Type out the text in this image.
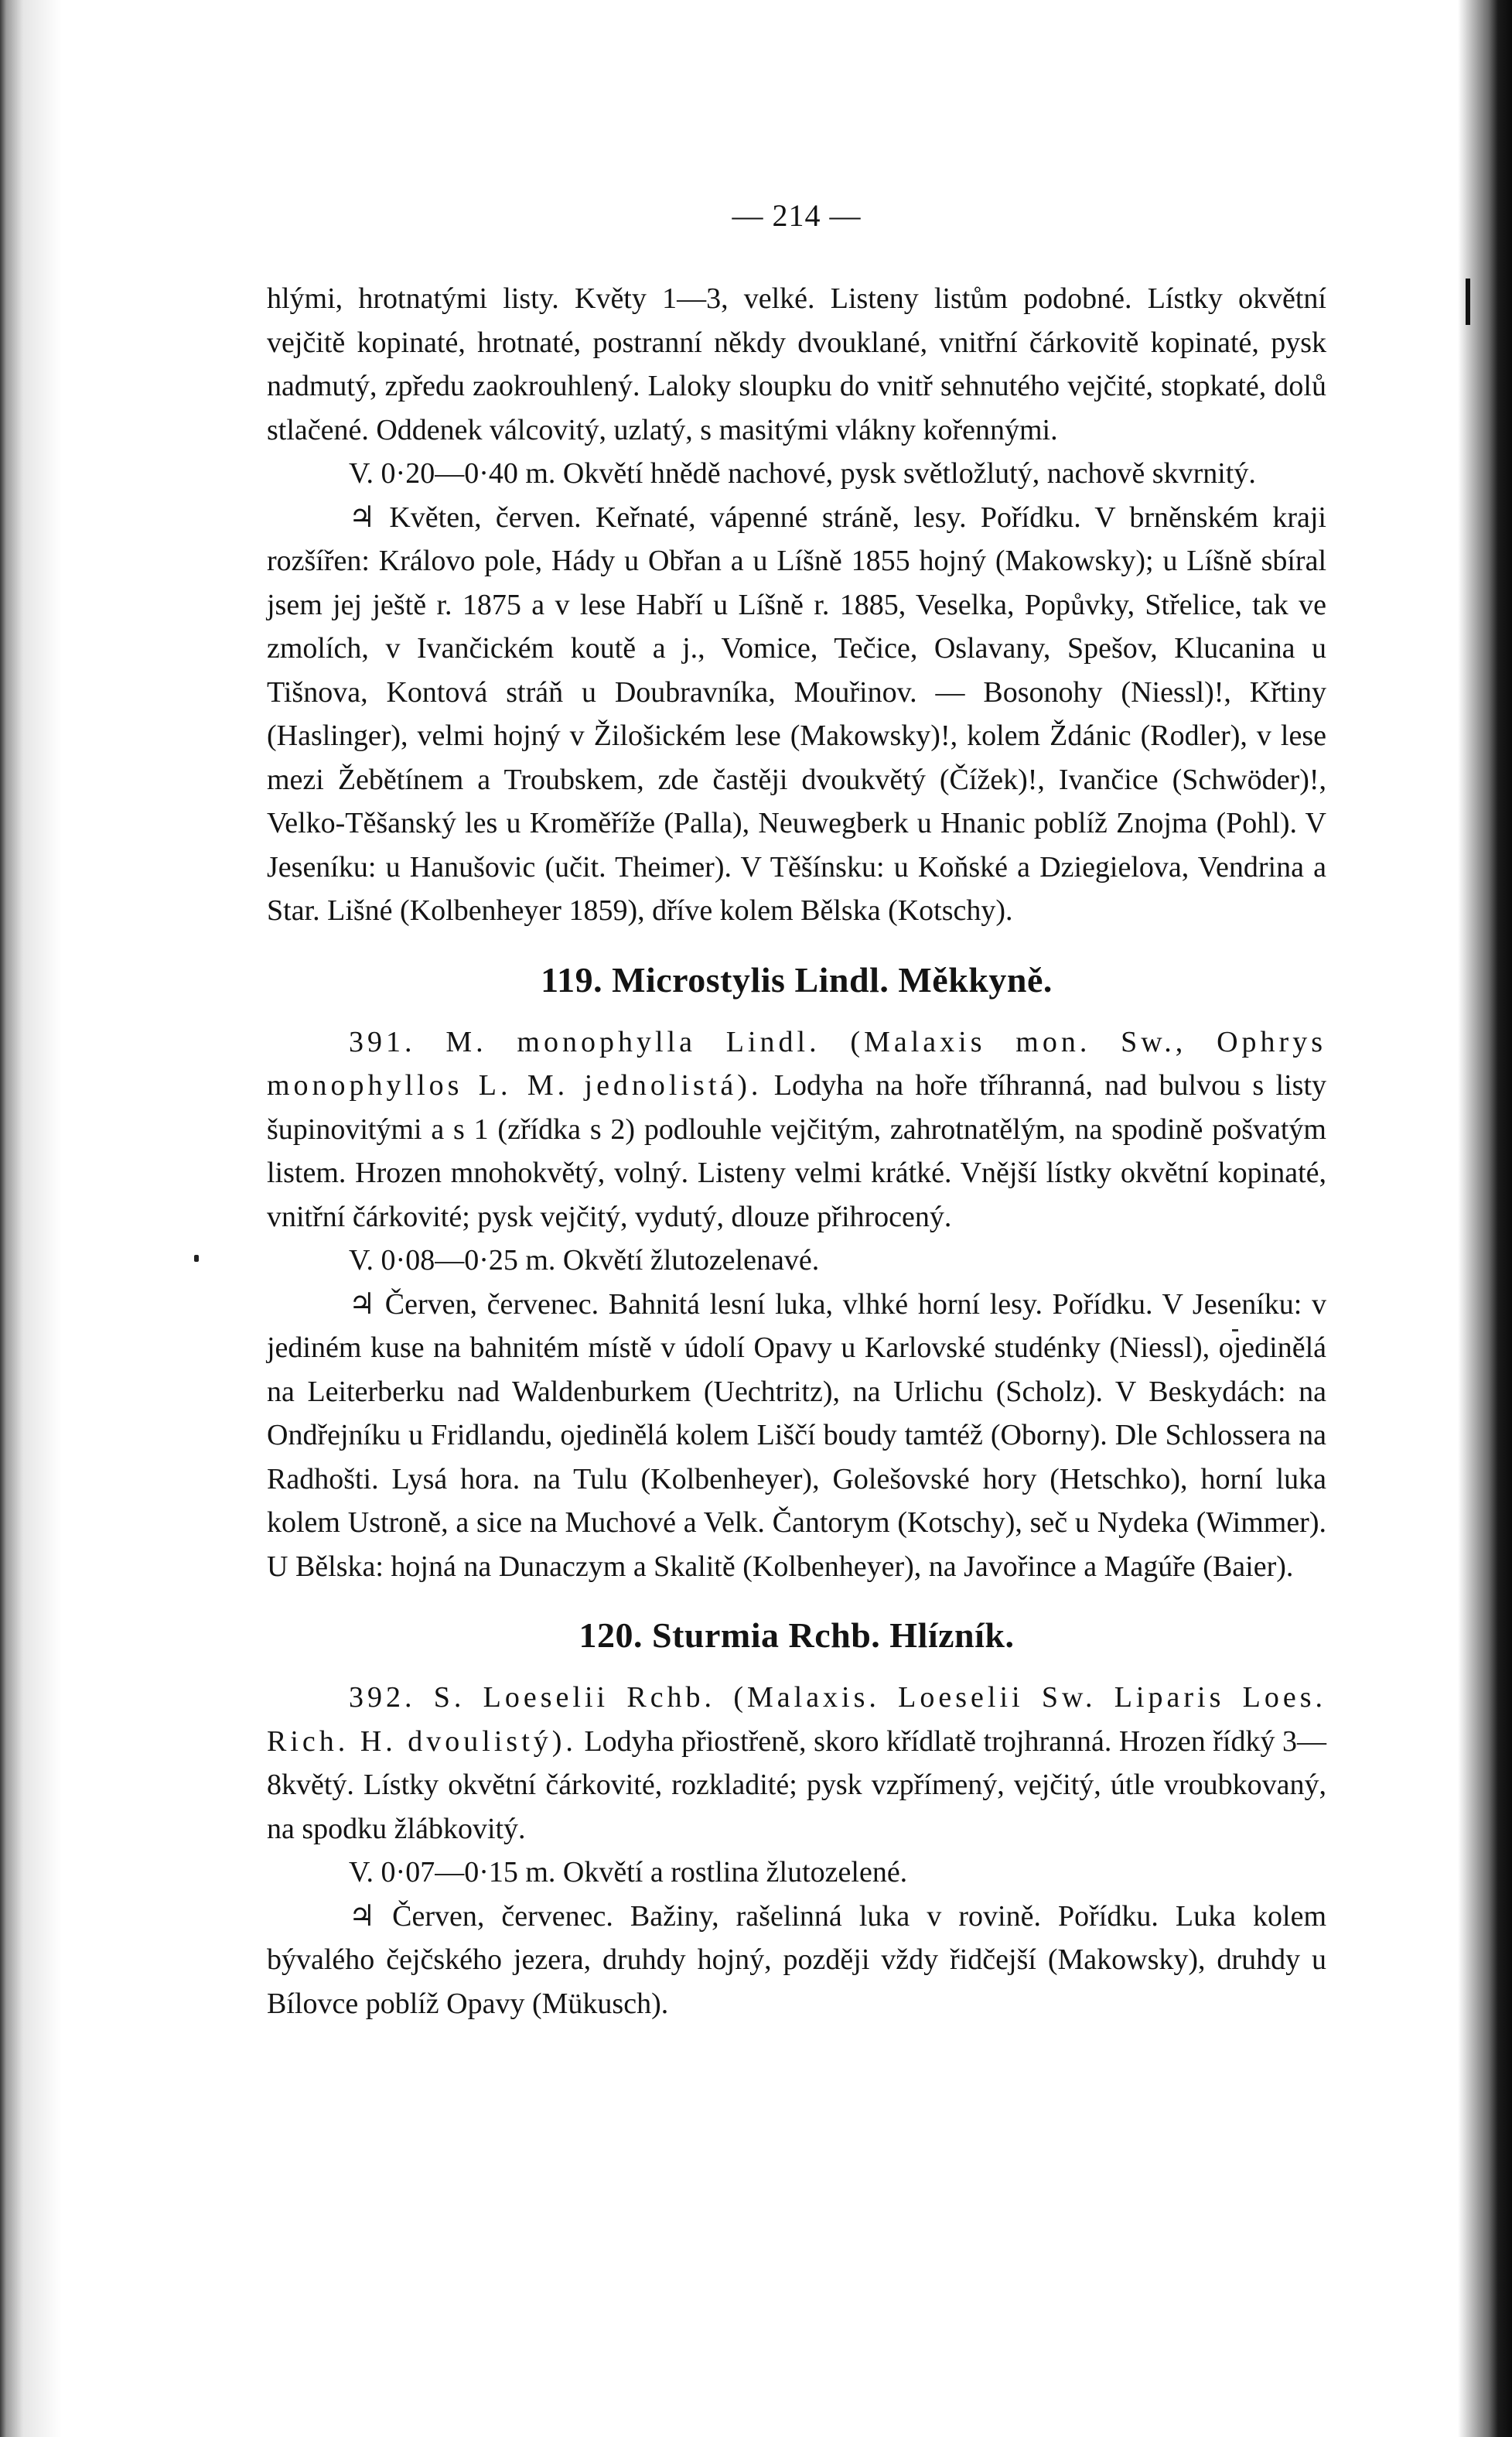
— 214 —

hlými, hrotnatými listy. Květy 1—3, velké. Listeny listům podobné. Lístky okvětní vejčitě kopinaté, hrotnaté, postranní někdy dvouklané, vnitřní čárkovitě kopinaté, pysk nadmutý, zpředu zaokrouhlený. Laloky sloupku do vnitř sehnutého vejčité, stopkaté, dolů stlačené. Oddenek válcovitý, uzlatý, s masitými vlákny kořennými.

V. 0·20—0·40 m. Okvětí hnědě nachové, pysk světložlutý, nachově skvrnitý.

♃ Květen, červen. Keřnaté, vápenné stráně, lesy. Pořídku. V brněnském kraji rozšířen: Královo pole, Hády u Obřan a u Líšně 1855 hojný (Makowsky); u Líšně sbíral jsem jej ještě r. 1875 a v lese Habří u Líšně r. 1885, Veselka, Popůvky, Střelice, tak ve zmolích, v Ivančickém koutě a j., Vomice, Tečice, Oslavany, Spešov, Klucanina u Tišnova, Kontová stráň u Doubravníka, Mouřinov. — Bosonohy (Niessl)!, Křtiny (Haslinger), velmi hojný v Žilošickém lese (Makowsky)!, kolem Ždánic (Rodler), v lese mezi Žebětínem a Troubskem, zde častěji dvoukvětý (Čížek)!, Ivančice (Schwöder)!, Velko-Těšanský les u Kroměříže (Palla), Neuwegberk u Hnanic poblíž Znojma (Pohl). V Jeseníku: u Hanušovic (učit. Theimer). V Těšínsku: u Koňské a Dziegielova, Vendrina a Star. Lišné (Kolbenheyer 1859), dříve kolem Bělska (Kotschy).

119. Microstylis Lindl. Měkkyně.

391. M. monophylla Lindl. (Malaxis mon. Sw., Ophrys monophyllos L. M. jednolistá). Lodyha na hoře tříhranná, nad bulvou s listy šupinovitými a s 1 (zřídka s 2) podlouhle vejčitým, zahrotnatělým, na spodině pošvatým listem. Hrozen mnohokvětý, volný. Listeny velmi krátké. Vnější lístky okvětní kopinaté, vnitřní čárkovité; pysk vejčitý, vydutý, dlouze přihrocený.

V. 0·08—0·25 m. Okvětí žlutozelenavé.

♃ Červen, červenec. Bahnitá lesní luka, vlhké horní lesy. Pořídku. V Jeseníku: v jediném kuse na bahnitém místě v údolí Opavy u Karlovské studénky (Niessl), ojedinělá na Leiterberku nad Waldenburkem (Uechtritz), na Urlichu (Scholz). V Beskydách: na Ondřejníku u Fridlandu, ojedinělá kolem Liščí boudy tamtéž (Oborny). Dle Schlossera na Radhošti. Lysá hora. na Tulu (Kolbenheyer), Golešovské hory (Hetschko), horní luka kolem Ustroně, a sice na Muchové a Velk. Čantorym (Kotschy), seč u Nydeka (Wimmer). U Bělska: hojná na Dunaczym a Skalitě (Kolbenheyer), na Javořince a Magúře (Baier).

120. Sturmia Rchb. Hlízník.

392. S. Loeselii Rchb. (Malaxis. Loeselii Sw. Liparis Loes. Rich. H. dvoulistý). Lodyha přiostřeně, skoro křídlatě trojhranná. Hrozen řídký 3—8květý. Lístky okvětní čárkovité, rozkladité; pysk vzpřímený, vejčitý, útle vroubkovaný, na spodku žlábkovitý.

V. 0·07—0·15 m. Okvětí a rostlina žlutozelené.

♃ Červen, červenec. Bažiny, rašelinná luka v rovině. Pořídku. Luka kolem bývalého čejčského jezera, druhdy hojný, později vždy řidčejší (Makowsky), druhdy u Bílovce poblíž Opavy (Mükusch).
